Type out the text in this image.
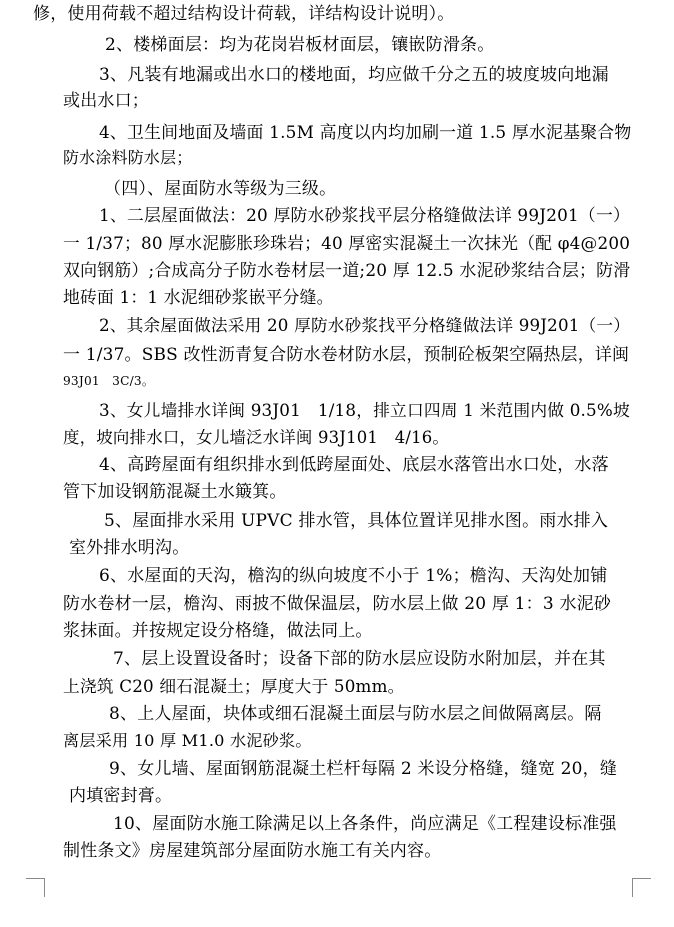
修，使用荷载不超过结构设计荷载，详结构设计说明）。
2、楼梯面层：均为花岗岩板材面层，镶嵌防滑条。
3、凡装有地漏或出水口的楼地面，均应做千分之五的坡度坡向地漏
或出水口；
4、卫生间地面及墙面 1.5M 高度以内均加刷一道 1.5 厚水泥基聚合物
防水涂料防水层；
（四）、屋面防水等级为三级。
1、二层屋面做法：20 厚防水砂浆找平层分格缝做法详 99J201（一）
一 1/37；80 厚水泥膨胀珍珠岩；40 厚密实混凝土一次抹光（配 φ4@200
双向钢筋）;合成高分子防水卷材层一道;20 厚 12.5 水泥砂浆结合层；防滑
地砖面 1：1 水泥细砂浆嵌平分缝。
2、其余屋面做法采用 20 厚防水砂浆找平分格缝做法详 99J201（一）
一 1/37。SBS 改性沥青复合防水卷材防水层，预制砼板架空隔热层，详闽
93J01　3C/3。
3、女儿墙排水详闽 93J01　1/18，排立口四周 1 米范围内做 0.5%坡
度，坡向排水口，女儿墙泛水详闽 93J101　4/16。
4、高跨屋面有组织排水到低跨屋面处、底层水落管出水口处，水落
管下加设钢筋混凝土水簸箕。
5、屋面排水采用 UPVC 排水管，具体位置详见排水图。雨水排入
室外排水明沟。
6、水屋面的天沟，檐沟的纵向坡度不小于 1%；檐沟、天沟处加铺
防水卷材一层，檐沟、雨披不做保温层，防水层上做 20 厚 1：3 水泥砂
浆抹面。并按规定设分格缝，做法同上。
7、层上设置设备时；设备下部的防水层应设防水附加层，并在其
上浇筑 C20 细石混凝土；厚度大于 50mm。
8、上人屋面，块体或细石混凝土面层与防水层之间做隔离层。隔
离层采用 10 厚 M1.0 水泥砂浆。
9、女儿墙、屋面钢筋混凝土栏杆每隔 2 米设分格缝，缝宽 20，缝
内填密封膏。
10、屋面防水施工除满足以上各条件，尚应满足《工程建设标准强
制性条文》房屋建筑部分屋面防水施工有关内容。
